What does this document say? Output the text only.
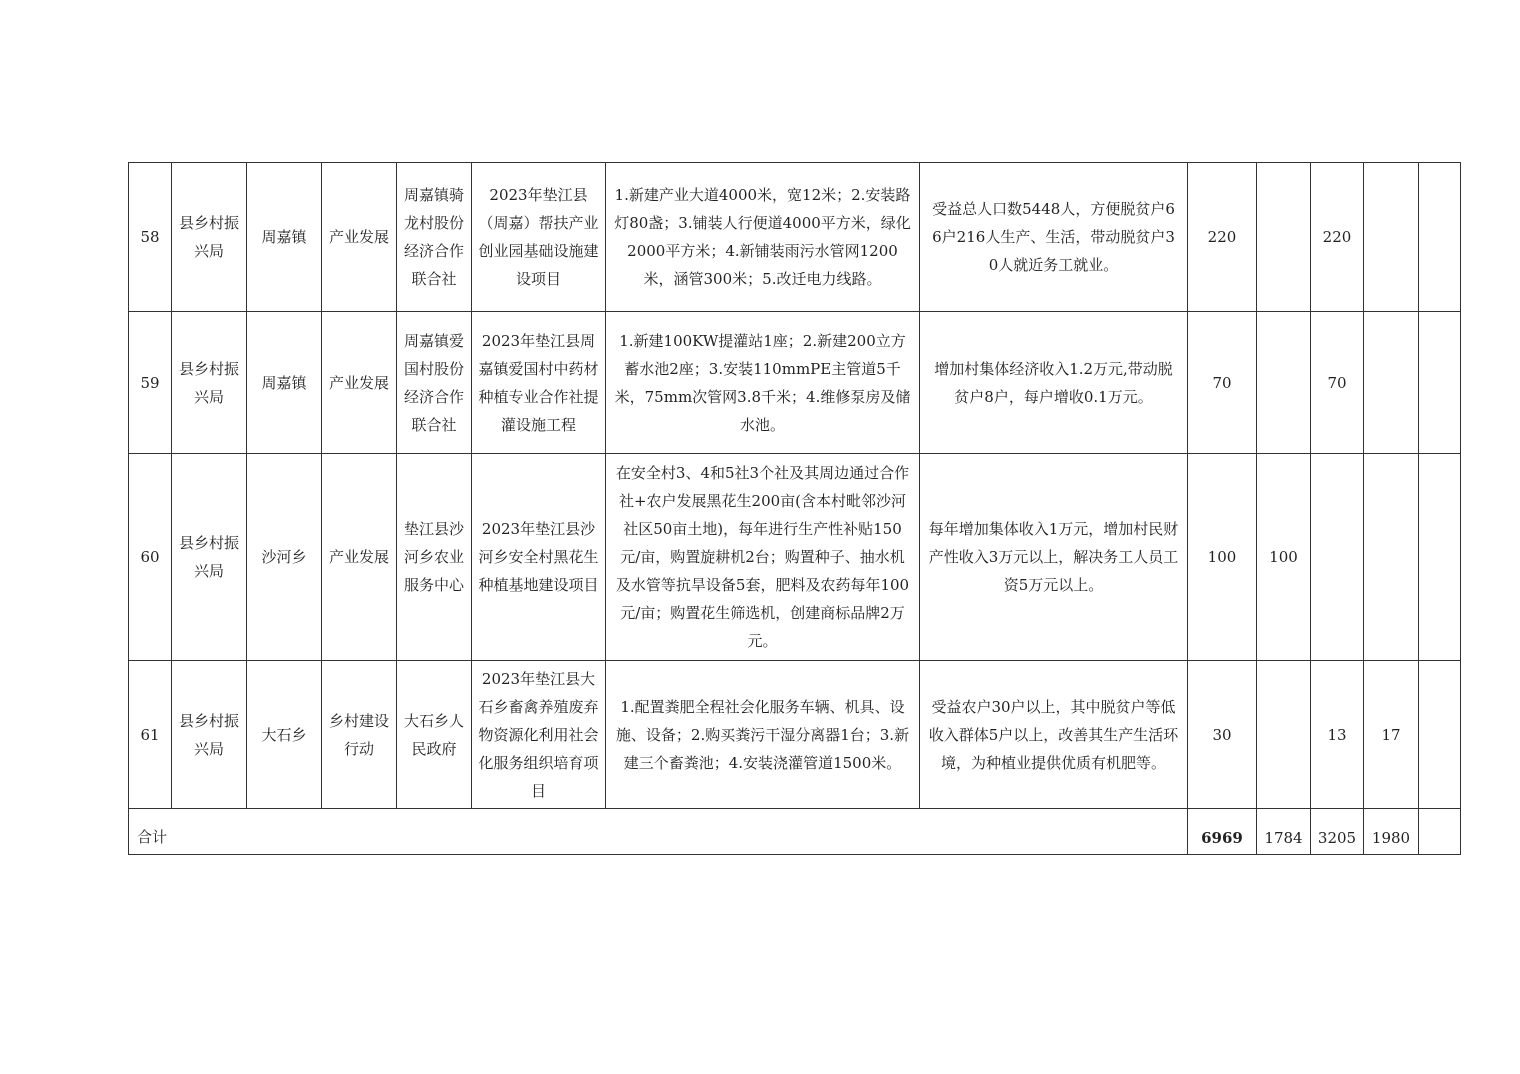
58	县乡村振兴局	周嘉镇	产业发展	周嘉镇骑龙村股份经济合作联合社	2023年垫江县（周嘉）帮扶产业创业园基础设施建设项目	1.新建产业大道4000米，宽12米；2.安装路灯80盏；3.铺装人行便道4000平方米，绿化2000平方米；4.新铺装雨污水管网1200米，涵管300米；5.改迁电力线路。	受益总人口数5448人，方便脱贫户66户216人生产、生活，带动脱贫户30人就近务工就业。	220		220		
59	县乡村振兴局	周嘉镇	产业发展	周嘉镇爱国村股份经济合作联合社	2023年垫江县周嘉镇爱国村中药材种植专业合作社提灌设施工程	1.新建100KW提灌站1座；2.新建200立方蓄水池2座；3.安装110mmPE主管道5千米，75mm次管网3.8千米；4.维修泵房及储水池。	增加村集体经济收入1.2万元,带动脱贫户8户，每户增收0.1万元。	70		70		
60	县乡村振兴局	沙河乡	产业发展	垫江县沙河乡农业服务中心	2023年垫江县沙河乡安全村黑花生种植基地建设项目	在安全村3、4和5社3个社及其周边通过合作社+农户发展黑花生200亩(含本村毗邻沙河社区50亩土地)，每年进行生产性补贴150元/亩，购置旋耕机2台；购置种子、抽水机及水管等抗旱设备5套，肥料及农药每年100元/亩；购置花生筛选机，创建商标品牌2万元。	每年增加集体收入1万元，增加村民财产性收入3万元以上，解决务工人员工资5万元以上。	100	100			
61	县乡村振兴局	大石乡	乡村建设行动	大石乡人民政府	2023年垫江县大石乡畜禽养殖废弃物资源化利用社会化服务组织培育项目	1.配置粪肥全程社会化服务车辆、机具、设施、设备；2.购买粪污干湿分离器1台；3.新建三个畜粪池；4.安装浇灌管道1500米。	受益农户30户以上，其中脱贫户等低收入群体5户以上，改善其生产生活环境，为种植业提供优质有机肥等。	30		13	17	
合计								6969	1784	3205	1980	
